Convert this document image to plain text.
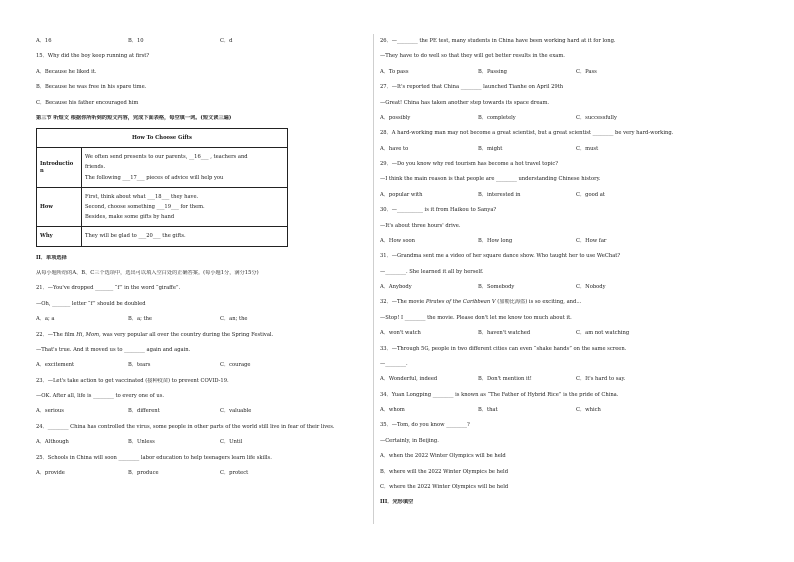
A．16	B．10	C．d
15．Why did the boy keep running at first?
A．Because he liked it.
B．Because he was free in his spare time.
C．Because his father encouraged him
第三节 听短文 根据你所听到的短文内容，完成下面表格，每空填一词。(短文读三遍)
How To Choose Gifts	
Introductio n	We often send presents to our parents, __16___ , teachers and
friends.
The following ___17___ pieces of advice will help you

How	First, think about what ___18___ they have.
Second, choose something ___19___ for them.
Besides, make some gifts by hand

Why	They will be glad to ___20___ the gifts.
II．单项选择
从每小题所给的A、B、C三个选项中，选出可以填入空白处的正确答案。(每小题1分，满分15分)
21．—You've dropped _______ “f” in the word “giraffe”.
—Oh, _______ letter “f” should be doubled
A．a; a	B．a; the	C．an; the
22．—The film Hi, Mom, was very popular all over the country during the Spring Festival.
—That's true. And it moved us to ________ again and again.
A．excitement	B．tears	C．courage
23．—Let's take action to get vaccinated (接种疫苗) to prevent COVID-19.
—OK. After all, life is ________ to every one of us.
A．serious	B．different	C．valuable
24．________ China has controlled the virus, some people in other parts of the world still live in fear of their lives.
A．Although	B．Unless	C．Until
25．Schools in China will soon ________ labor education to help teenagers learn life skills.
A．provide	B．produce	C．protect
26．—________ the PE test, many students in China have been working hard at it for long.
—They have to do well so that they will get better results in the exam.
A．To pass	B．Passing	C．Pass
27．—It's reported that China ________ launched Tianhe on April 29th
—Great! China has taken another step towards its space dream.
A．possibly	B．completely	C．successfully
28．A hard-working man may not become a great scientist, but a great scientist ________ be very hard-working.
A．have to	B．might	C．must
29．—Do you know why red tourism has become a hot travel topic?
—I think the main reason is that people are ________ understanding Chinese history.
A．popular with	B．interested in	C．good at
30．—__________ is it from Haikou to Sanya?
—It's about three hours' drive.
A．How soon	B．How long	C．How far
31．—Grandma sent me a video of her square dance show. Who taught her to use WeChat?
—________. She learned it all by herself.
A．Anybody	B．Somebody	C．Nobody
32．—The movie Pirates of the Caribbean Ⅴ (加勒比海盗) is so exciting, and...
—Stop! I ________ the movie. Please don't let me know too much about it.
A．won't watch	B．haven't watched	C．am not watching
33．—Through 5G, people in two different cities can even “shake hands” on the same screen.
—________.
A．Wonderful, indeed	B．Don't mention it!	C．It's hard to say.
34．Yuan Longping ________ is known as “The Father of Hybrid Rice” is the pride of China.
A．whom	B．that	C．which
35．—Tom, do you know ________?
—Certainly, in Beijing.
A．when the 2022 Winter Olympics will be held
B．where will the 2022 Winter Olympics be held
C．where the 2022 Winter Olympics will be held
III．完形填空
